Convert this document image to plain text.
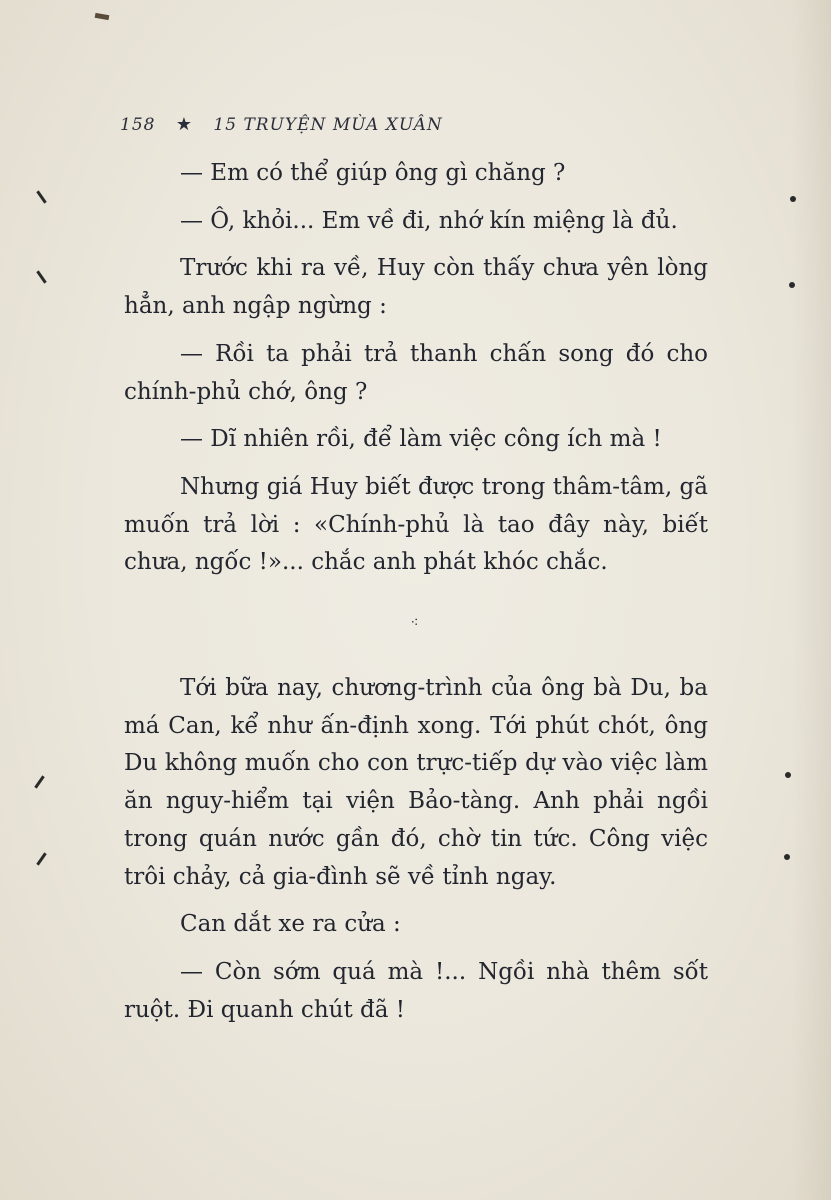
158 ★ 15 TRUYỆN MÙA XUÂN

— Em có thể giúp ông gì chăng ?

— Ô, khỏi... Em về đi, nhớ kín miệng là đủ.

Trước khi ra về, Huy còn thấy chưa yên lòng hẳn, anh ngập ngừng :

— Rồi ta phải trả thanh chấn song đó cho chính-phủ chớ, ông ?

— Dĩ nhiên rồi, để làm việc công ích mà !

Nhưng giá Huy biết được trong thâm-tâm, gã muốn trả lời : «Chính-phủ là tao đây này, biết chưa, ngốc !»... chắc anh phát khóc chắc.

Tới bữa nay, chương-trình của ông bà Du, ba má Can, kể như ấn-định xong. Tới phút chót, ông Du không muốn cho con trực-tiếp dự vào việc làm ăn nguy-hiểm tại viện Bảo-tàng. Anh phải ngồi trong quán nước gần đó, chờ tin tức. Công việc trôi chảy, cả gia-đình sẽ về tỉnh ngay.

Can dắt xe ra cửa :

— Còn sớm quá mà !... Ngồi nhà thêm sốt ruột. Đi quanh chút đã !

⁖
